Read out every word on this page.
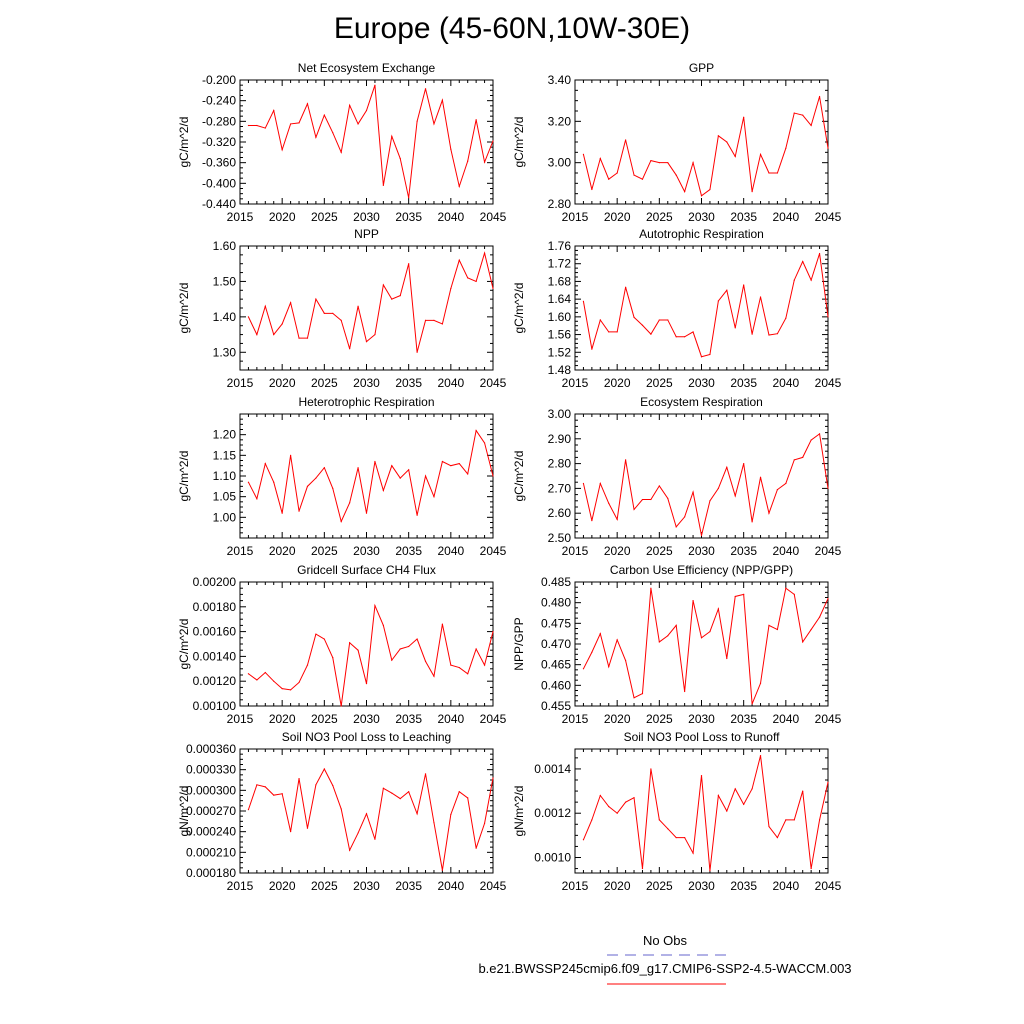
Europe (45-60N,10W-30E)
Net Ecosystem Exchange
gC/m^2/d
2015 2020 2025 2030 2035 2040 2045
-0.440
-0.400
-0.360
-0.320
-0.280
-0.240
-0.200
GPP
gC/m^2/d
2015 2020 2025 2030 2035 2040 2045
2.80
3.00
3.20
3.40
NPP
gC/m^2/d
2015 2020 2025 2030 2035 2040 2045
1.30
1.40
1.50
1.60
Autotrophic Respiration
gC/m^2/d
2015 2020 2025 2030 2035 2040 2045
1.48
1.52
1.56
1.60
1.64
1.68
1.72
1.76
Heterotrophic Respiration
gC/m^2/d
2015 2020 2025 2030 2035 2040 2045
1.00
1.05
1.10
1.15
1.20
Ecosystem Respiration
gC/m^2/d
2015 2020 2025 2030 2035 2040 2045
2.50
2.60
2.70
2.80
2.90
3.00
Gridcell Surface CH4 Flux
gC/m^2/d
2015 2020 2025 2030 2035 2040 2045
0.00100
0.00120
0.00140
0.00160
0.00180
0.00200
Carbon Use Efficiency (NPP/GPP)
NPP/GPP
2015 2020 2025 2030 2035 2040 2045
0.455
0.460
0.465
0.470
0.475
0.480
0.485
Soil NO3 Pool Loss to Leaching
gN/m^2/d
2015 2020 2025 2030 2035 2040 2045
0.000180
0.000210
0.000240
0.000270
0.000300
0.000330
0.000360
Soil NO3 Pool Loss to Runoff
gN/m^2/d
2015 2020 2025 2030 2035 2040 2045
0.0010
0.0012
0.0014
No Obs
b.e21.BWSSP245cmip6.f09_g17.CMIP6-SSP2-4.5-WACCM.003
